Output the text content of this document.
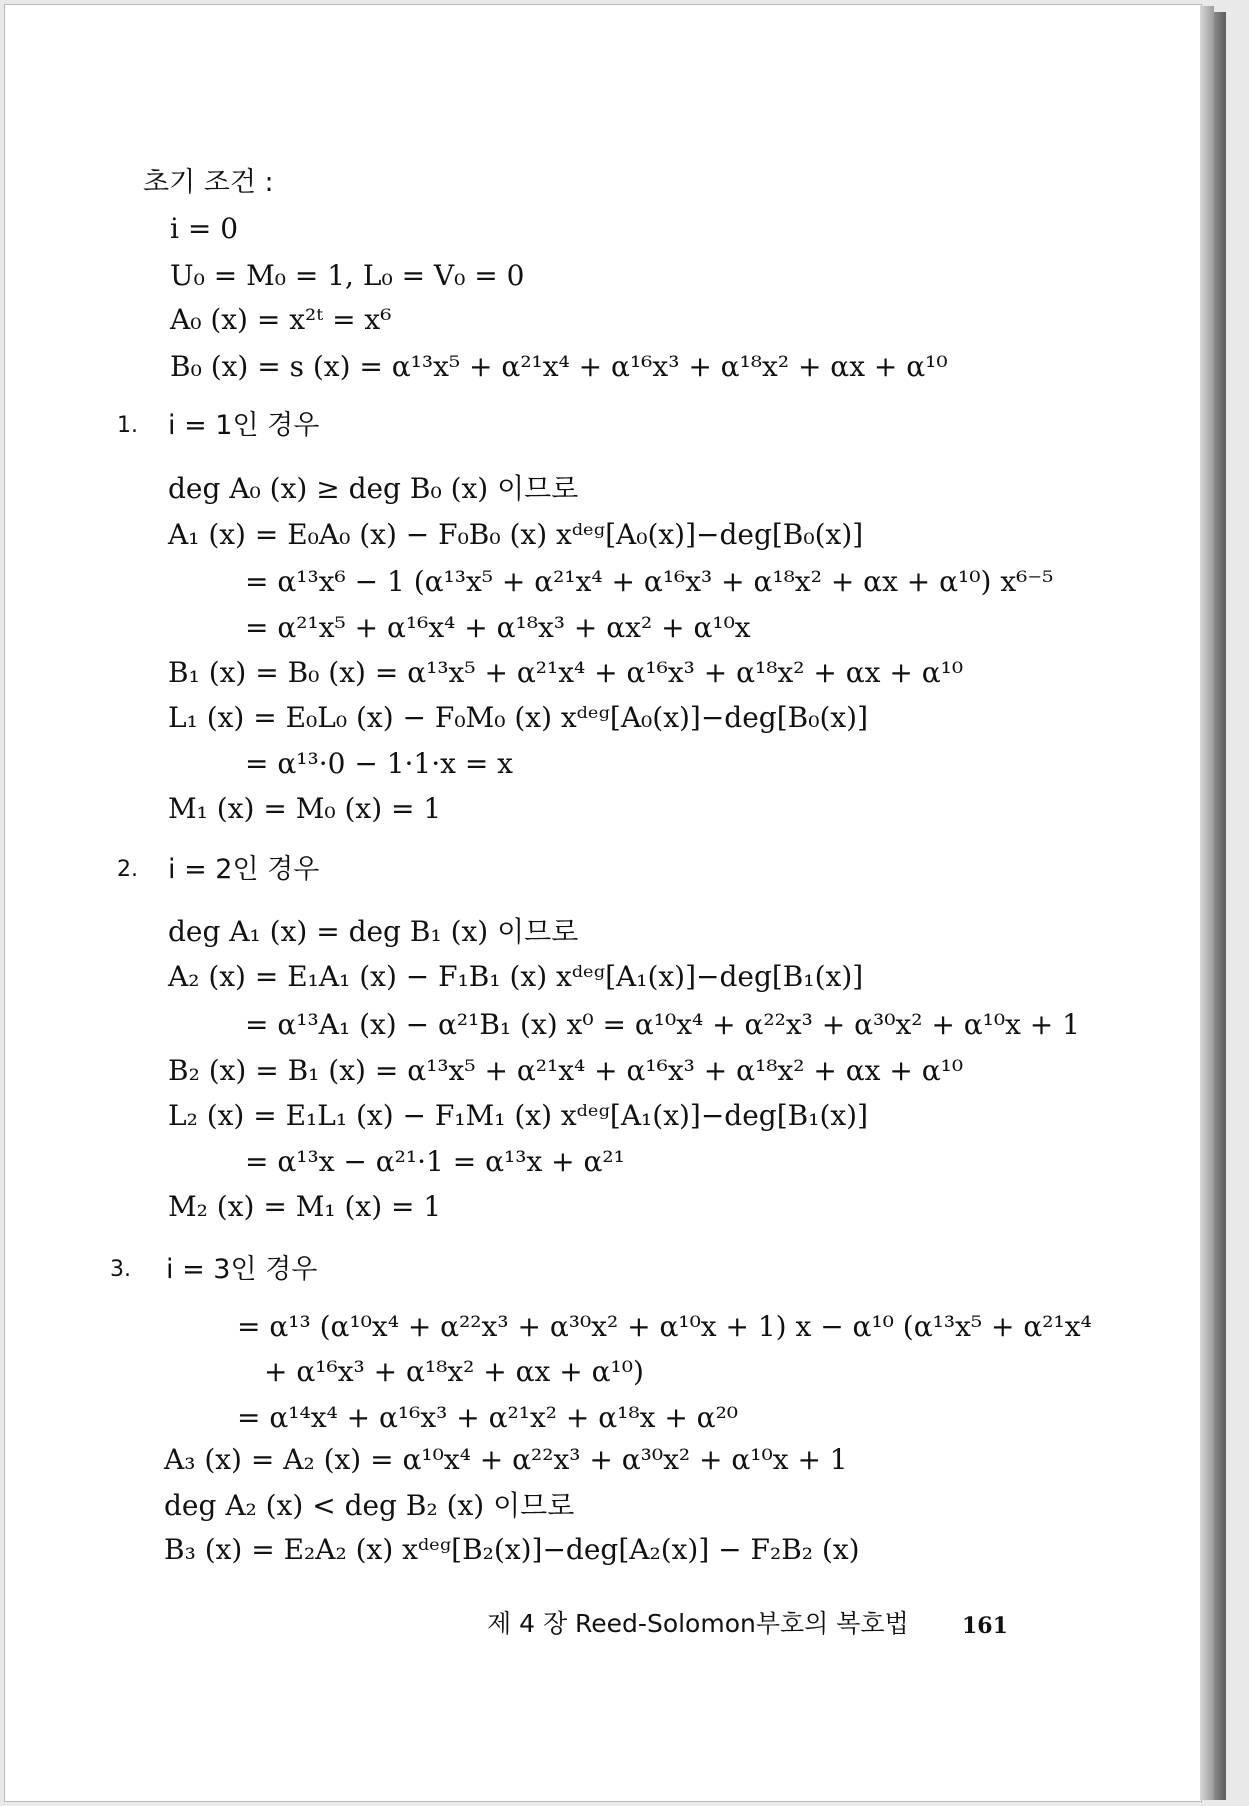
초기 조건 :
i = 0
U₀ = M₀ = 1, L₀ = V₀ = 0
A₀ (x) = x²ᵗ = x⁶
B₀ (x) = s (x) = α¹³x⁵ + α²¹x⁴ + α¹⁶x³ + α¹⁸x² + αx + α¹⁰
1. i = 1인 경우
deg A₀ (x) ≥ deg B₀ (x) 이므로
A₁ (x) = E₀A₀ (x) − F₀B₀ (x) xᵈᵉᵍ[A₀(x)]−deg[B₀(x)]
= α¹³x⁶ − 1 (α¹³x⁵ + α²¹x⁴ + α¹⁶x³ + α¹⁸x² + αx + α¹⁰) x⁶⁻⁵
= α²¹x⁵ + α¹⁶x⁴ + α¹⁸x³ + αx² + α¹⁰x
B₁ (x) = B₀ (x) = α¹³x⁵ + α²¹x⁴ + α¹⁶x³ + α¹⁸x² + αx + α¹⁰
L₁ (x) = E₀L₀ (x) − F₀M₀ (x) xᵈᵉᵍ[A₀(x)]−deg[B₀(x)]
= α¹³·0 − 1·1·x = x
M₁ (x) = M₀ (x) = 1
2. i = 2인 경우
deg A₁ (x) = deg B₁ (x) 이므로
A₂ (x) = E₁A₁ (x) − F₁B₁ (x) xᵈᵉᵍ[A₁(x)]−deg[B₁(x)]
= α¹³A₁ (x) − α²¹B₁ (x) x⁰ = α¹⁰x⁴ + α²²x³ + α³⁰x² + α¹⁰x + 1
B₂ (x) = B₁ (x) = α¹³x⁵ + α²¹x⁴ + α¹⁶x³ + α¹⁸x² + αx + α¹⁰
L₂ (x) = E₁L₁ (x) − F₁M₁ (x) xᵈᵉᵍ[A₁(x)]−deg[B₁(x)]
= α¹³x − α²¹·1 = α¹³x + α²¹
M₂ (x) = M₁ (x) = 1
3. i = 3인 경우
= α¹³ (α¹⁰x⁴ + α²²x³ + α³⁰x² + α¹⁰x + 1) x − α¹⁰ (α¹³x⁵ + α²¹x⁴
+ α¹⁶x³ + α¹⁸x² + αx + α¹⁰)
= α¹⁴x⁴ + α¹⁶x³ + α²¹x² + α¹⁸x + α²⁰
A₃ (x) = A₂ (x) = α¹⁰x⁴ + α²²x³ + α³⁰x² + α¹⁰x + 1
deg A₂ (x) < deg B₂ (x) 이므로
B₃ (x) = E₂A₂ (x) xᵈᵉᵍ[B₂(x)]−deg[A₂(x)] − F₂B₂ (x)
제 4 장 Reed-Solomon부호의 복호법 161
